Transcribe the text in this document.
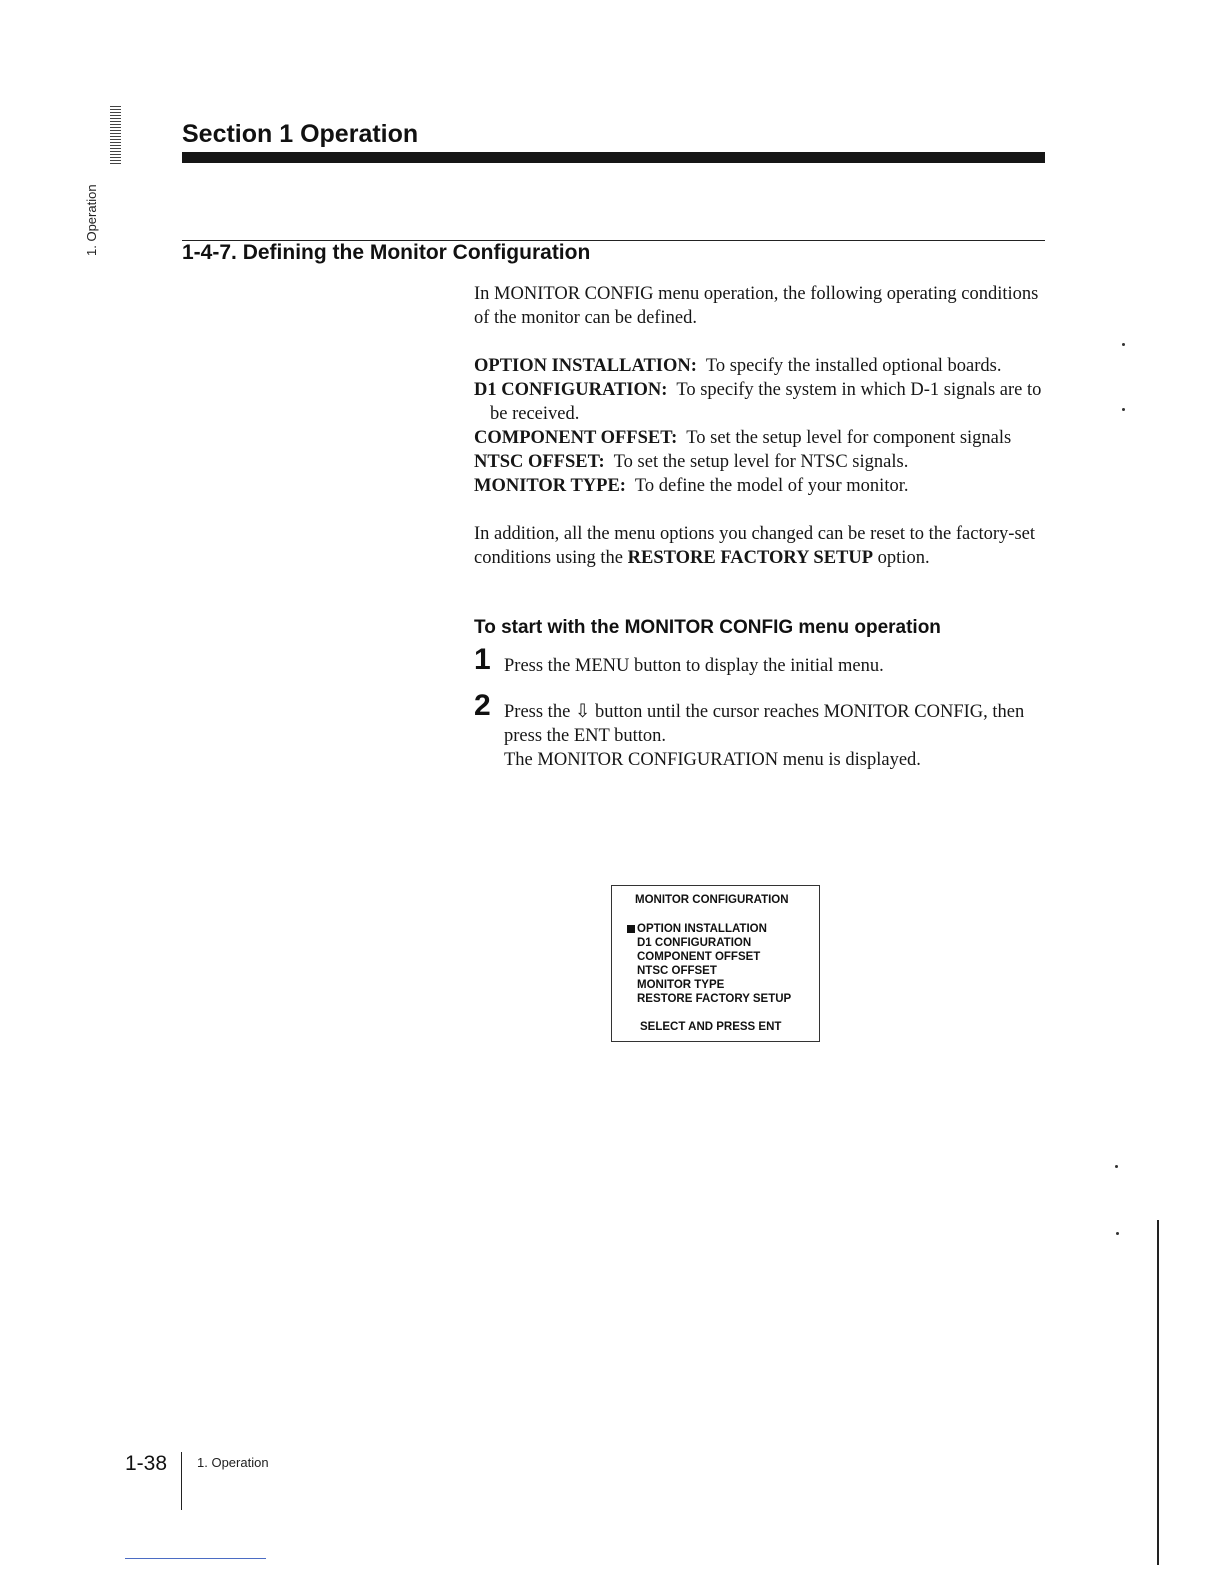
1. Operation
Section 1 Operation
1-4-7. Defining the Monitor Configuration

In MONITOR CONFIG menu operation, the following operating conditions of the monitor can be defined.

OPTION INSTALLATION: To specify the installed optional boards.

D1 CONFIGURATION: To specify the system in which D-1 signals are to be received.

COMPONENT OFFSET: To set the setup level for component signals

NTSC OFFSET: To set the setup level for NTSC signals.

MONITOR TYPE: To define the model of your monitor.

In addition, all the menu options you changed can be reset to the factory-set conditions using the RESTORE FACTORY SETUP option.

To start with the MONITOR CONFIG menu operation
1 Press the MENU button to display the initial menu.

2 Press the ⇩ button until the cursor reaches MONITOR CONFIG, then press the ENT button.

The MONITOR CONFIGURATION menu is displayed.

MONITOR CONFIGURATION
OPTION INSTALLATION
D1 CONFIGURATION
COMPONENT OFFSET
NTSC OFFSET
MONITOR TYPE
RESTORE FACTORY SETUP
SELECT AND PRESS ENT
1-38 1. Operation
